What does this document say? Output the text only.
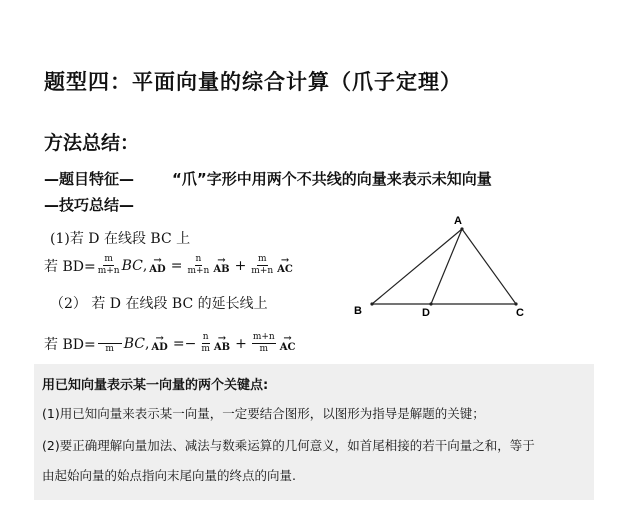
题型四：平面向量的综合计算（爪子定理）
方法总结：
—题目特征—	“爪”字形中用两个不共线的向量来表示未知向量
—技巧总结—
(1)若 D 在线段 BC 上
若 $BD= \frac{m}{m+n}$ BC , →
AD = $\frac{n}{m+n}$ →
AB + $\frac{m}{m+n}$ →
AC
（2） 若 D 在线段 BC 的延长线上
若 BD= m BC , →
AD =− $\frac{n}{m}$ →
AB + $\frac{m+n}{m}$ →
AC
A
B	D	C
用已知向量表示某一向量的两个关键点:
(1)用已知向量来表示某一向量，一定要结合图形，以图形为指导是解题的关键；
(2)要正确理解向量加法、减法与数乘运算的几何意义，如首尾相接的若干向量之和，等于
由起始向量的始点指向末尾向量的终点的向量.
